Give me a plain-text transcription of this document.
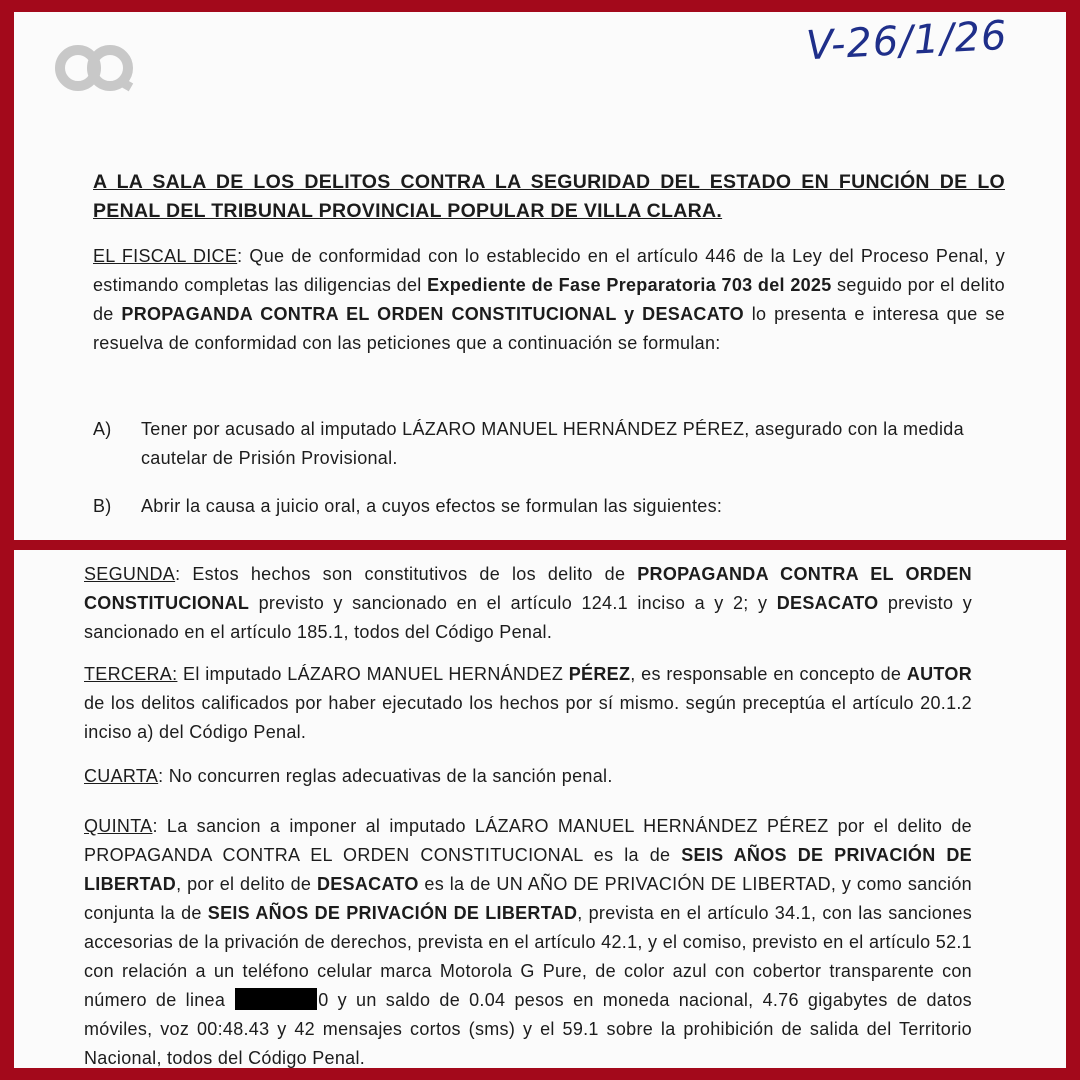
V-26/1/26
A LA SALA DE LOS DELITOS CONTRA LA SEGURIDAD DEL ESTADO EN FUNCIÓN DE LO PENAL DEL TRIBUNAL PROVINCIAL POPULAR DE VILLA CLARA.
EL FISCAL DICE: Que de conformidad con lo establecido en el artículo 446 de la Ley del Proceso Penal, y estimando completas las diligencias del Expediente de Fase Preparatoria 703 del 2025 seguido por el delito de PROPAGANDA CONTRA EL ORDEN CONSTITUCIONAL y DESACATO lo presenta e interesa que se resuelva de conformidad con las peticiones que a continuación se formulan:
A) Tener por acusado al imputado LÁZARO MANUEL HERNÁNDEZ PÉREZ, asegurado con la medida cautelar de Prisión Provisional.
B) Abrir la causa a juicio oral, a cuyos efectos se formulan las siguientes:
SEGUNDA: Estos hechos son constitutivos de los delito de PROPAGANDA CONTRA EL ORDEN CONSTITUCIONAL previsto y sancionado en el artículo 124.1 inciso a y 2; y DESACATO previsto y sancionado en el artículo 185.1, todos del Código Penal.
TERCERA: El imputado LÁZARO MANUEL HERNÁNDEZ PÉREZ, es responsable en concepto de AUTOR de los delitos calificados por haber ejecutado los hechos por sí mismo. según preceptúa el artículo 20.1.2 inciso a) del Código Penal.
CUARTA: No concurren reglas adecuativas de la sanción penal.
QUINTA: La sancion a imponer al imputado LÁZARO MANUEL HERNÁNDEZ PÉREZ por el delito de PROPAGANDA CONTRA EL ORDEN CONSTITUCIONAL es la de SEIS AÑOS DE PRIVACIÓN DE LIBERTAD, por el delito de DESACATO es la de UN AÑO DE PRIVACIÓN DE LIBERTAD, y como sanción conjunta la de SEIS AÑOS DE PRIVACIÓN DE LIBERTAD, prevista en el artículo 34.1, con las sanciones accesorias de la privación de derechos, prevista en el artículo 42.1, y el comiso, previsto en el artículo 52.1 con relación a un teléfono celular marca Motorola G Pure, de color azul con cobertor transparente con número de linea	0 y un saldo de 0.04 pesos en moneda nacional, 4.76 gigabytes de datos móviles, voz 00:48.43 y 42 mensajes cortos (sms) y el 59.1 sobre la prohibición de salida del Territorio Nacional, todos del Código Penal.
